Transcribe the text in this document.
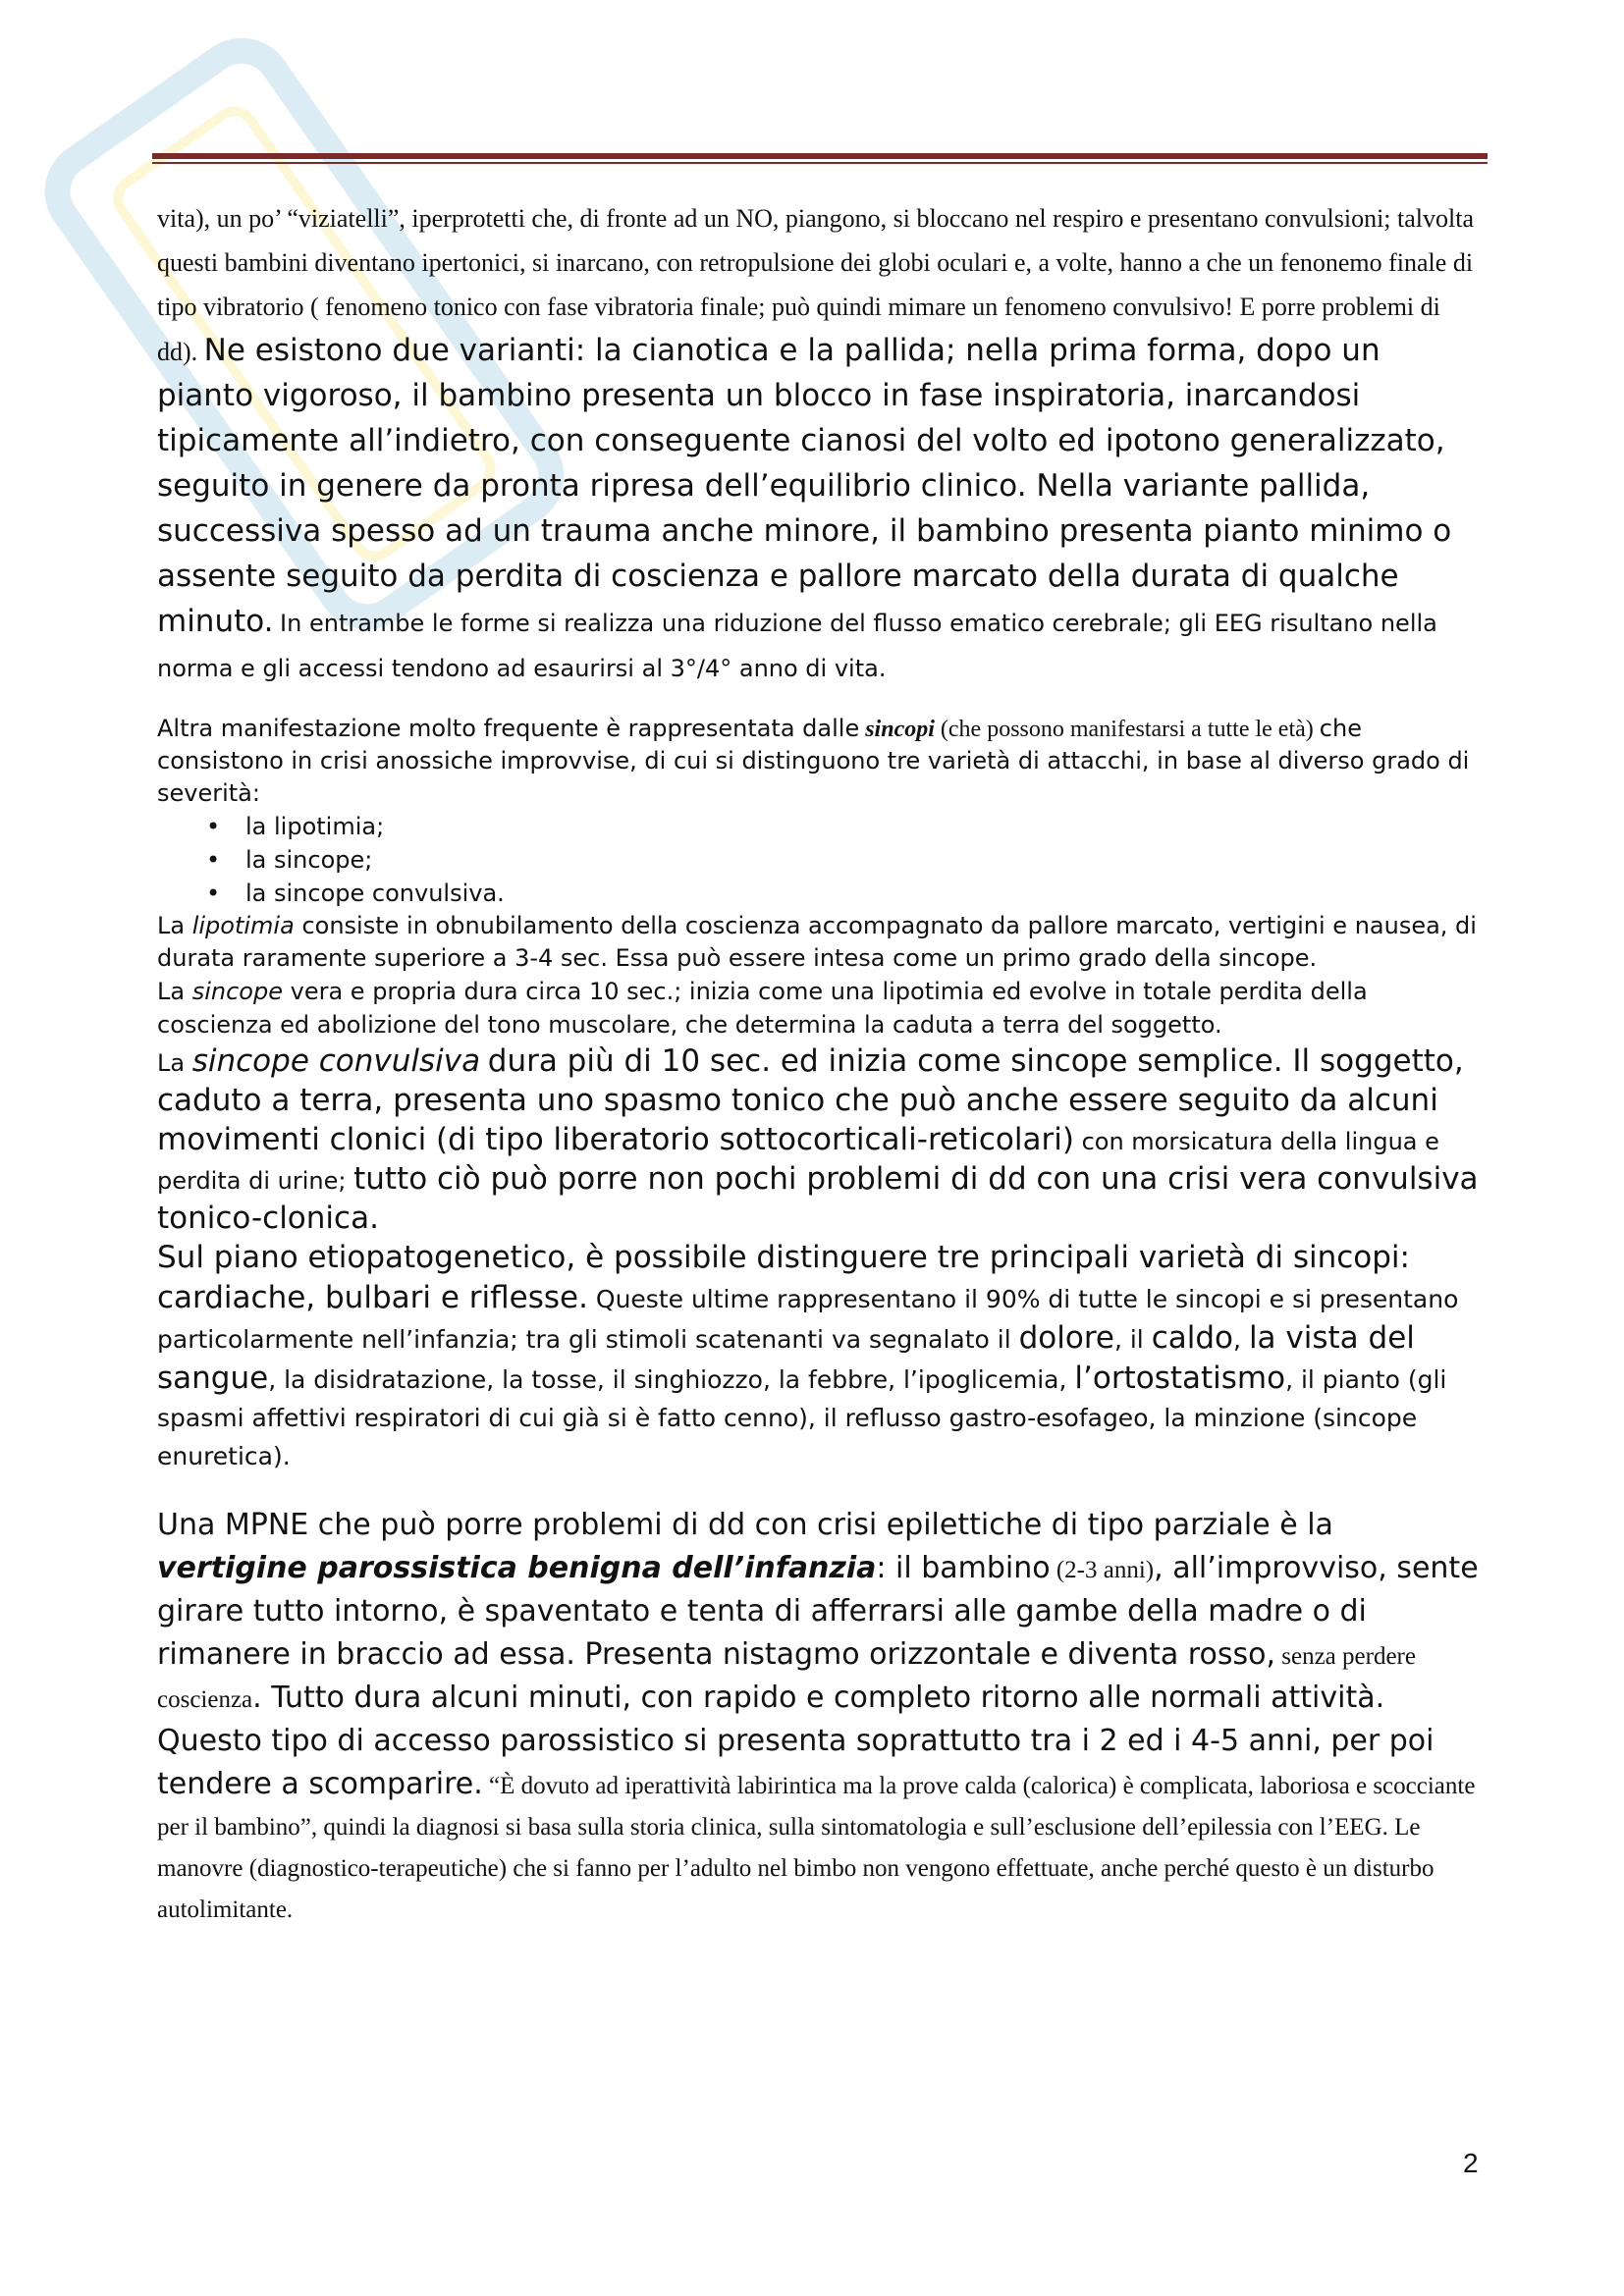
vita), un po’ “viziatelli”, iperprotetti che, di fronte ad un NO, piangono, si bloccano nel respiro e presentano convulsioni; talvolta questi bambini diventano ipertonici, si inarcano, con retropulsione dei globi oculari e, a volte, hanno a che un fenonemo finale di tipo vibratorio ( fenomeno tonico con fase vibratoria finale; può quindi mimare un fenomeno convulsivo! E porre problemi di dd). Ne esistono due varianti: la cianotica e la pallida; nella prima forma, dopo un pianto vigoroso, il bambino presenta un blocco in fase inspiratoria, inarcandosi tipicamente all’indietro, con conseguente cianosi del volto ed ipotono generalizzato, seguito in genere da pronta ripresa dell’equilibrio clinico. Nella variante pallida, successiva spesso ad un trauma anche minore, il bambino presenta pianto minimo o assente seguito da perdita di coscienza e pallore marcato della durata di qualche minuto. In entrambe le forme si realizza una riduzione del flusso ematico cerebrale; gli EEG risultano nella norma e gli accessi tendono ad esaurirsi al 3°/4° anno di vita.

Altra manifestazione molto frequente è rappresentata dalle sincopi (che possono manifestarsi a tutte le età) che consistono in crisi anossiche improvvise, di cui si distinguono tre varietà di attacchi, in base al diverso grado di severità:

• la lipotimia;
• la sincope;
• la sincope convulsiva.

La lipotimia consiste in obnubilamento della coscienza accompagnato da pallore marcato, vertigini e nausea, di durata raramente superiore a 3-4 sec. Essa può essere intesa come un primo grado della sincope.

La sincope vera e propria dura circa 10 sec.; inizia come una lipotimia ed evolve in totale perdita della coscienza ed abolizione del tono muscolare, che determina la caduta a terra del soggetto.

La sincope convulsiva dura più di 10 sec. ed inizia come sincope semplice. Il soggetto, caduto a terra, presenta uno spasmo tonico che può anche essere seguito da alcuni movimenti clonici (di tipo liberatorio sottocorticali-reticolari) con morsicatura della lingua e perdita di urine; tutto ciò può porre non pochi problemi di dd con una crisi vera convulsiva tonico-clonica.

Sul piano etiopatogenetico, è possibile distinguere tre principali varietà di sincopi: cardiache, bulbari e riflesse. Queste ultime rappresentano il 90% di tutte le sincopi e si presentano particolarmente nell’infanzia; tra gli stimoli scatenanti va segnalato il dolore, il caldo, la vista del sangue, la disidratazione, la tosse, il singhiozzo, la febbre, l’ipoglicemia, l’ortostatismo, il pianto (gli spasmi affettivi respiratori di cui già si è fatto cenno), il reflusso gastro-esofageo, la minzione (sincope enuretica).

Una MPNE che può porre problemi di dd con crisi epilettiche di tipo parziale è la vertigine parossistica benigna dell’infanzia: il bambino (2-3 anni), all’improvviso, sente girare tutto intorno, è spaventato e tenta di afferrarsi alle gambe della madre o di rimanere in braccio ad essa. Presenta nistagmo orizzontale e diventa rosso, senza perdere coscienza. Tutto dura alcuni minuti, con rapido e completo ritorno alle normali attività. Questo tipo di accesso parossistico si presenta soprattutto tra i 2 ed i 4-5 anni, per poi tendere a scomparire. “È dovuto ad iperattività labirintica ma la prove calda (calorica) è complicata, laboriosa e scocciante per il bambino”, quindi la diagnosi si basa sulla storia clinica, sulla sintomatologia e sull’esclusione dell’epilessia con l’EEG. Le manovre (diagnostico-terapeutiche) che si fanno per l’adulto nel bimbo non vengono effettuate, anche perché questo è un disturbo autolimitante.

2
